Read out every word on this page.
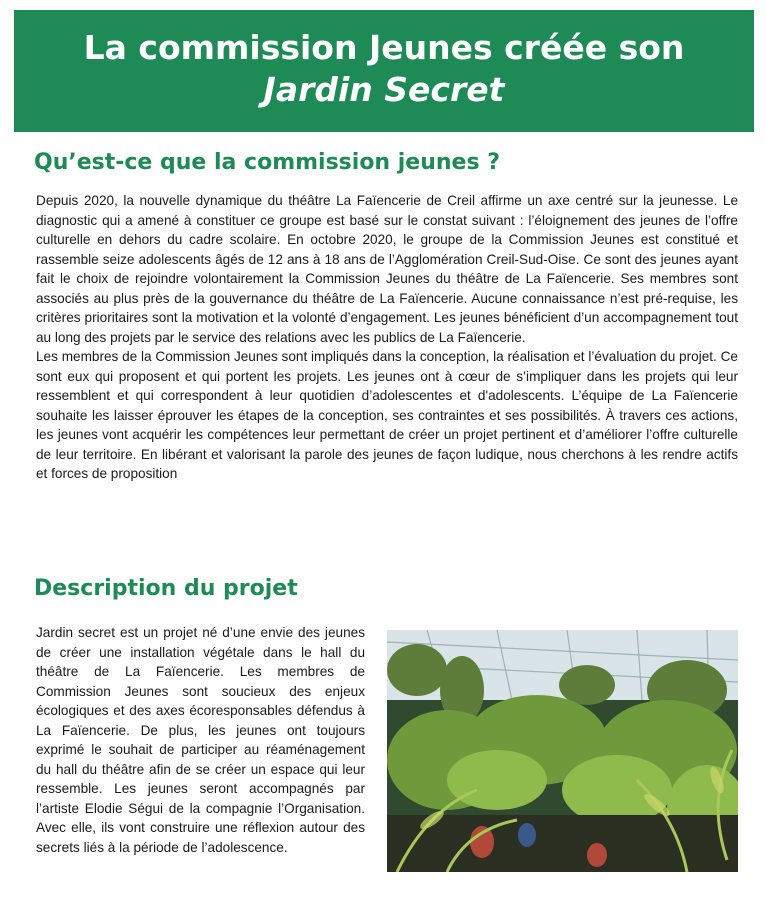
La commission Jeunes créée son
Jardin Secret
Qu’est-ce que la commission jeunes ?

Depuis 2020, la nouvelle dynamique du théâtre La Faïencerie de Creil affirme un axe centré sur la jeunesse. Le diagnostic qui a amené à constituer ce groupe est basé sur le constat suivant : l’éloignement des jeunes de l’offre culturelle en dehors du cadre scolaire. En octobre 2020, le groupe de la Commission Jeunes est constitué et rassemble seize adolescents âgés de 12 ans à 18 ans de l’Agglomération Creil-Sud-Oise. Ce sont des jeunes ayant fait le choix de rejoindre volontairement la Commission Jeunes du théâtre de La Faïencerie. Ses membres sont associés au plus près de la gouvernance du théâtre de La Faïencerie. Aucune connaissance n’est pré-requise, les critères prioritaires sont la motivation et la volonté d’engagement. Les jeunes bénéficient d’un accompagnement tout au long des projets par le service des relations avec les publics de La Faïencerie.

Les membres de la Commission Jeunes sont impliqués dans la conception, la réalisation et l’évaluation du projet. Ce sont eux qui proposent et qui portent les projets. Les jeunes ont à cœur de s’impliquer dans les projets qui leur ressemblent et qui correspondent à leur quotidien d’adolescentes et d'adolescents. L’équipe de La Faïencerie souhaite les laisser éprouver les étapes de la conception, ses contraintes et ses possibilités. À travers ces actions, les jeunes vont acquérir les compétences leur permettant de créer un projet pertinent et d’améliorer l’offre culturelle de leur territoire. En libérant et valorisant la parole des jeunes de façon ludique, nous cherchons à les rendre actifs et forces de proposition

Description du projet

Jardin secret est un projet né d’une envie des jeunes de créer une installation végétale dans le hall du théâtre de La Faïencerie. Les membres de Commission Jeunes sont soucieux des enjeux écologiques et des axes écoresponsables défendus à La Faïencerie. De plus, les jeunes ont toujours exprimé le souhait de participer au réaménagement du hall du théâtre afin de se créer un espace qui leur ressemble. Les jeunes seront accompagnés par l’artiste Elodie Ségui de la compagnie l’Organisation. Avec elle, ils vont construire une réflexion autour des secrets liés à la période de l’adolescence.
